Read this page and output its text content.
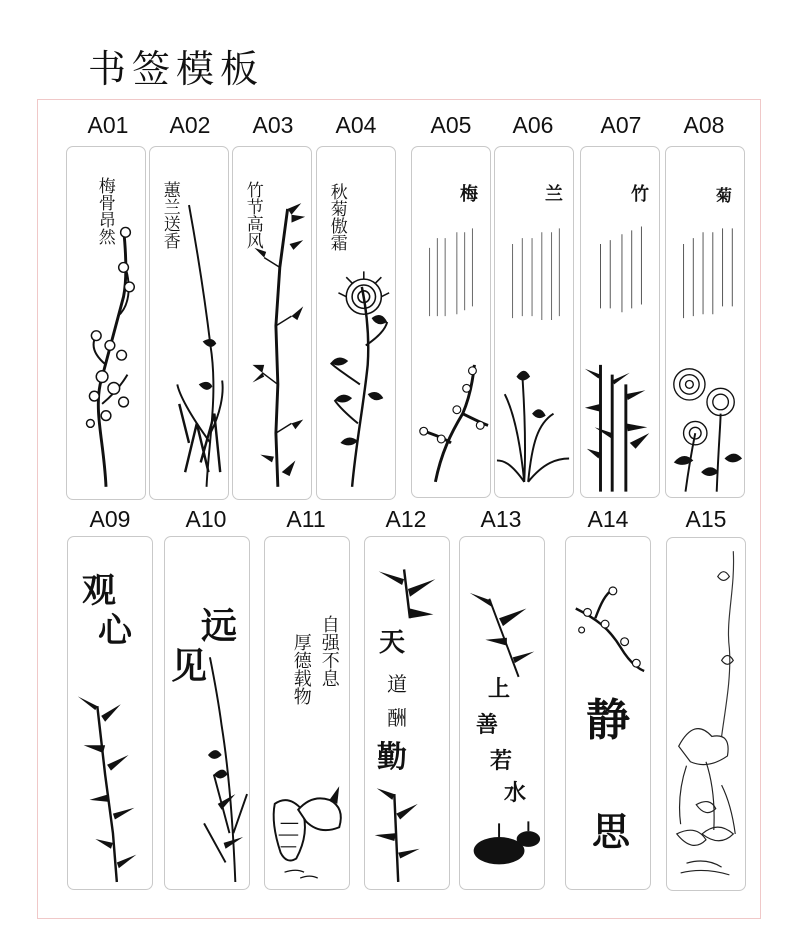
书签模板
A01	A02	A03	A04	A05	A06	A07	A08
A09	A10	A11	A12	A13	A14	A15
梅骨昂然	蕙兰送香	竹节高风	秋菊傲霜	梅	兰	竹	菊
观
心 远
见	自强不息
厚德载物	天
道
酬
勤
上
善
若
水
静
思
